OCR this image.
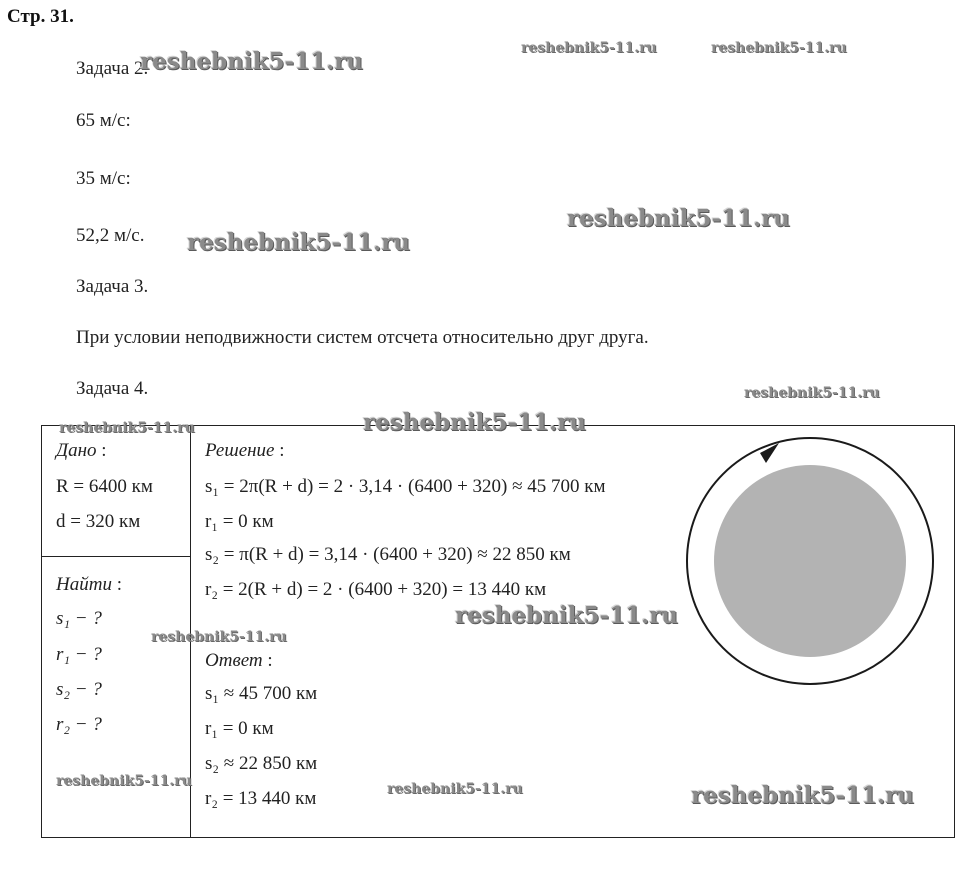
Стр. 31.
Задача 2.
65 м/с:
35 м/с:
52,2 м/с.
Задача 3.
При условии неподвижности систем отсчета относительно друг друга.
Задача 4.
Дано :
R = 6400 км
d = 320 км
Найти :
s₁ − ?
r₁ − ?
s₂ − ?
r₂ − ?
Решение :
s₁ = 2π(R + d) = 2 · 3,14 · (6400 + 320) ≈ 45 700 км
r₁ = 0 км
s₂ = π(R + d) = 3,14 · (6400 + 320) ≈ 22 850 км
r₂ = 2(R + d) = 2 · (6400 + 320) = 13 440 км
Ответ :
s₁ ≈ 45 700 км
r₁ = 0 км
s₂ ≈ 22 850 км
r₂ = 13 440 км
reshebnik5-11.ru	reshebnik5-11.ru	reshebnik5-11.ru
reshebnik5-11.ru
reshebnik5-11.ru
reshebnik5-11.ru
reshebnik5-11.ru
reshebnik5-11.ru
reshebnik5-11.ru
reshebnik5-11.ru
reshebnik5-11.ru	reshebnik5-11.ru	reshebnik5-11.ru
